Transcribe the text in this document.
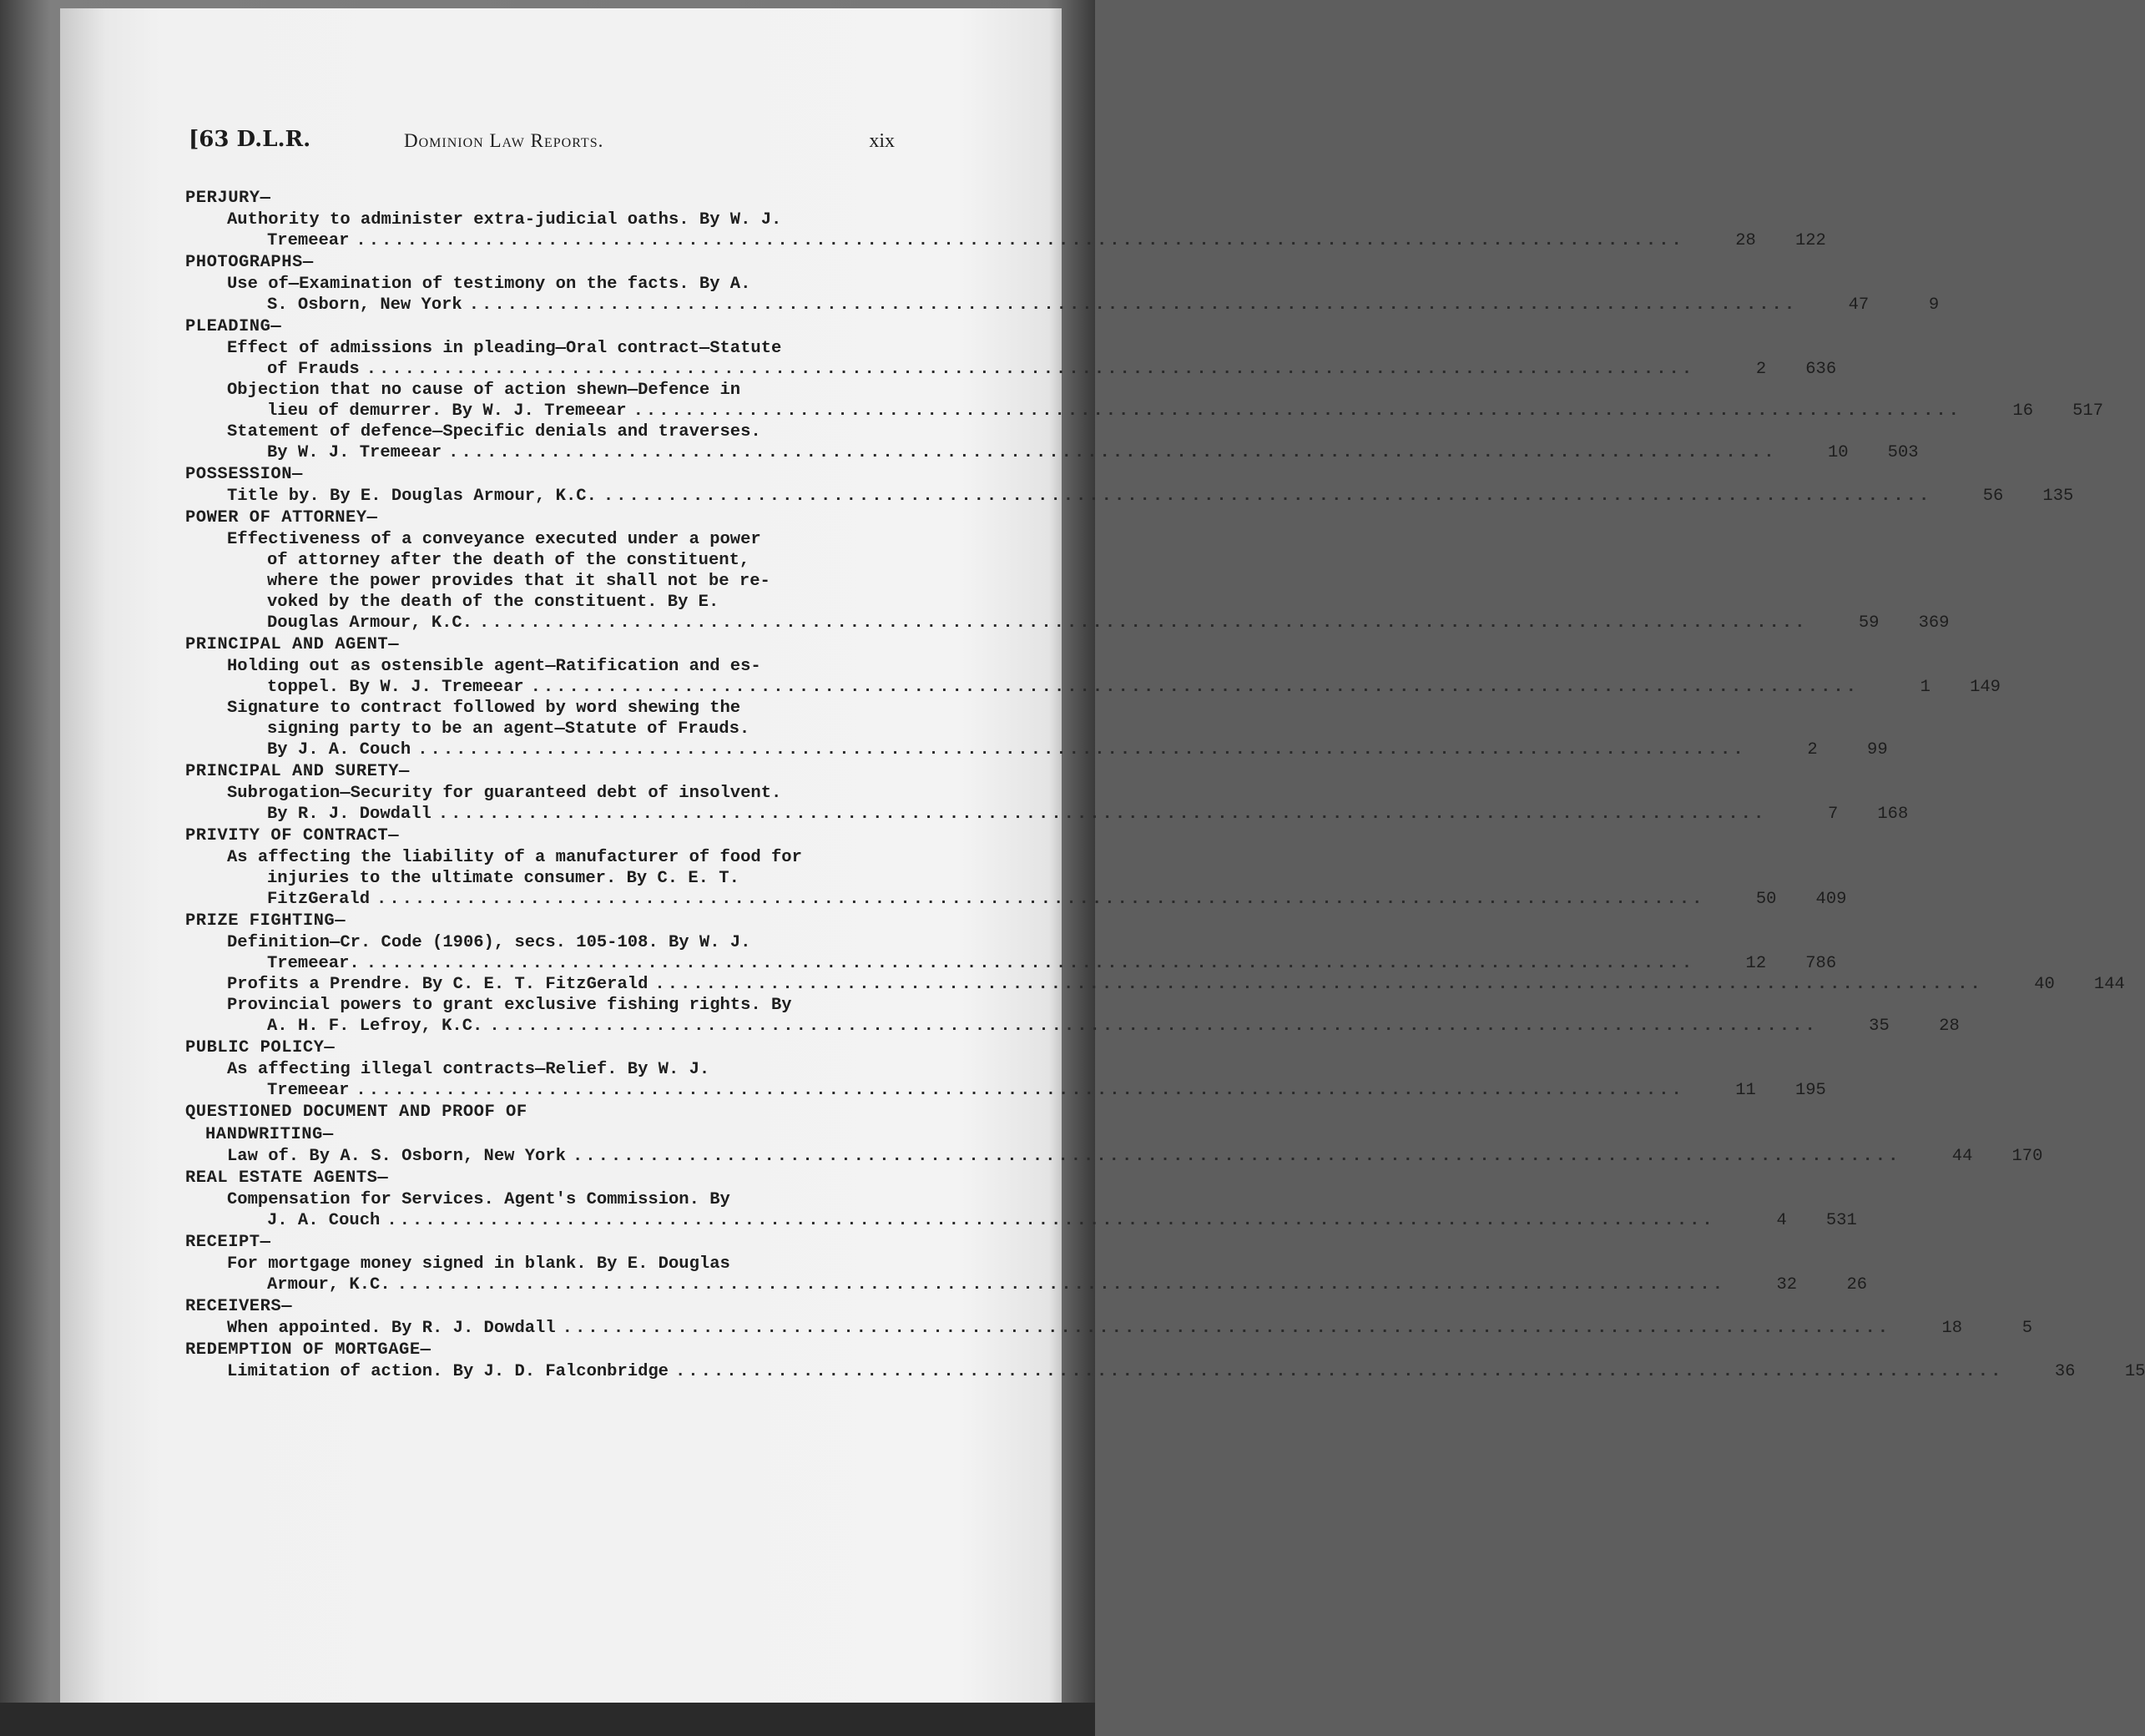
[63 D.L.R.	Dominion Law Reports.	xix
PERJURY—
Authority to administer extra-judicial oaths. By W. J.
Tremeear ........................................................................................................	28	122
PHOTOGRAPHS—
Use of—Examination of testimony on the facts. By A.
S. Osborn, New York ........................................................................................................	47	9
PLEADING—
Effect of admissions in pleading—Oral contract—Statute
of Frauds ........................................................................................................	2	636
Objection that no cause of action shewn—Defence in
lieu of demurrer. By W. J. Tremeear ........................................................................................................	16	517
Statement of defence—Specific denials and traverses.
By W. J. Tremeear ........................................................................................................	10	503
POSSESSION—
Title by. By E. Douglas Armour, K.C. ........................................................................................................	56	135
POWER OF ATTORNEY—
Effectiveness of a conveyance executed under a power
of attorney after the death of the constituent,
where the power provides that it shall not be re-
voked by the death of the constituent. By E.
Douglas Armour, K.C. ........................................................................................................	59	369
PRINCIPAL AND AGENT—
Holding out as ostensible agent—Ratification and es-
toppel. By W. J. Tremeear ........................................................................................................	1	149
Signature to contract followed by word shewing the
signing party to be an agent—Statute of Frauds.
By J. A. Couch ........................................................................................................	2	99
PRINCIPAL AND SURETY—
Subrogation—Security for guaranteed debt of insolvent.
By R. J. Dowdall ........................................................................................................	7	168
PRIVITY OF CONTRACT—
As affecting the liability of a manufacturer of food for
injuries to the ultimate consumer. By C. E. T.
FitzGerald ........................................................................................................	50	409
PRIZE FIGHTING—
Definition—Cr. Code (1906), secs. 105-108. By W. J.
Tremeear. ........................................................................................................	12	786
Profits a Prendre. By C. E. T. FitzGerald ........................................................................................................	40	144
Provincial powers to grant exclusive fishing rights. By
A. H. F. Lefroy, K.C. ........................................................................................................	35	28
PUBLIC POLICY—
As affecting illegal contracts—Relief. By W. J.
Tremeear ........................................................................................................	11	195
QUESTIONED DOCUMENT AND PROOF OF
HANDWRITING—
Law of. By A. S. Osborn, New York ........................................................................................................	44	170
REAL ESTATE AGENTS—
Compensation for Services. Agent's Commission. By
J. A. Couch ........................................................................................................	4	531
RECEIPT—
For mortgage money signed in blank. By E. Douglas
Armour, K.C. ........................................................................................................	32	26
RECEIVERS—
When appointed. By R. J. Dowdall ........................................................................................................	18	5
REDEMPTION OF MORTGAGE—
Limitation of action. By J. D. Falconbridge ........................................................................................................	36	15
